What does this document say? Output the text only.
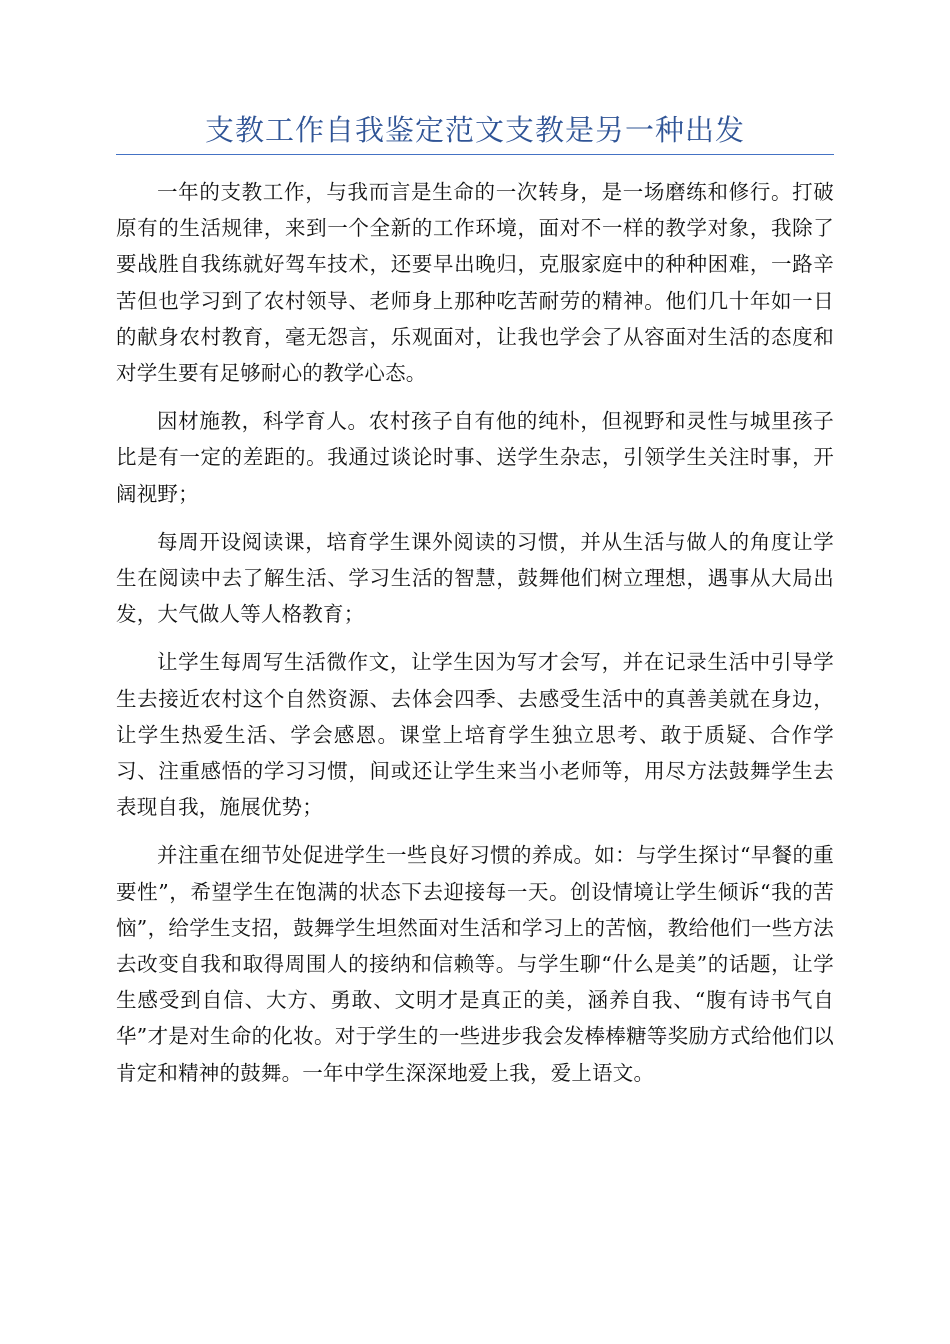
支教工作自我鉴定范文支教是另一种出发

一年的支教工作，与我而言是生命的一次转身，是一场磨练和修行。打破原有的生活规律，来到一个全新的工作环境，面对不一样的教学对象，我除了要战胜自我练就好驾车技术，还要早出晚归，克服家庭中的种种困难，一路辛苦但也学习到了农村领导、老师身上那种吃苦耐劳的精神。他们几十年如一日的献身农村教育，毫无怨言，乐观面对，让我也学会了从容面对生活的态度和对学生要有足够耐心的教学心态。

因材施教，科学育人。农村孩子自有他的纯朴，但视野和灵性与城里孩子比是有一定的差距的。我通过谈论时事、送学生杂志，引领学生关注时事，开阔视野；

每周开设阅读课，培育学生课外阅读的习惯，并从生活与做人的角度让学生在阅读中去了解生活、学习生活的智慧，鼓舞他们树立理想，遇事从大局出发，大气做人等人格教育；

让学生每周写生活微作文，让学生因为写才会写，并在记录生活中引导学生去接近农村这个自然资源、去体会四季、去感受生活中的真善美就在身边，让学生热爱生活、学会感恩。课堂上培育学生独立思考、敢于质疑、合作学习、注重感悟的学习习惯，间或还让学生来当小老师等，用尽方法鼓舞学生去表现自我，施展优势；

并注重在细节处促进学生一些良好习惯的养成。如：与学生探讨“早餐的重要性”，希望学生在饱满的状态下去迎接每一天。创设情境让学生倾诉“我的苦恼”，给学生支招，鼓舞学生坦然面对生活和学习上的苦恼，教给他们一些方法去改变自我和取得周围人的接纳和信赖等。与学生聊“什么是美”的话题，让学生感受到自信、大方、勇敢、文明才是真正的美，涵养自我、“腹有诗书气自华”才是对生命的化妆。对于学生的一些进步我会发棒棒糖等奖励方式给他们以肯定和精神的鼓舞。一年中学生深深地爱上我，爱上语文。
